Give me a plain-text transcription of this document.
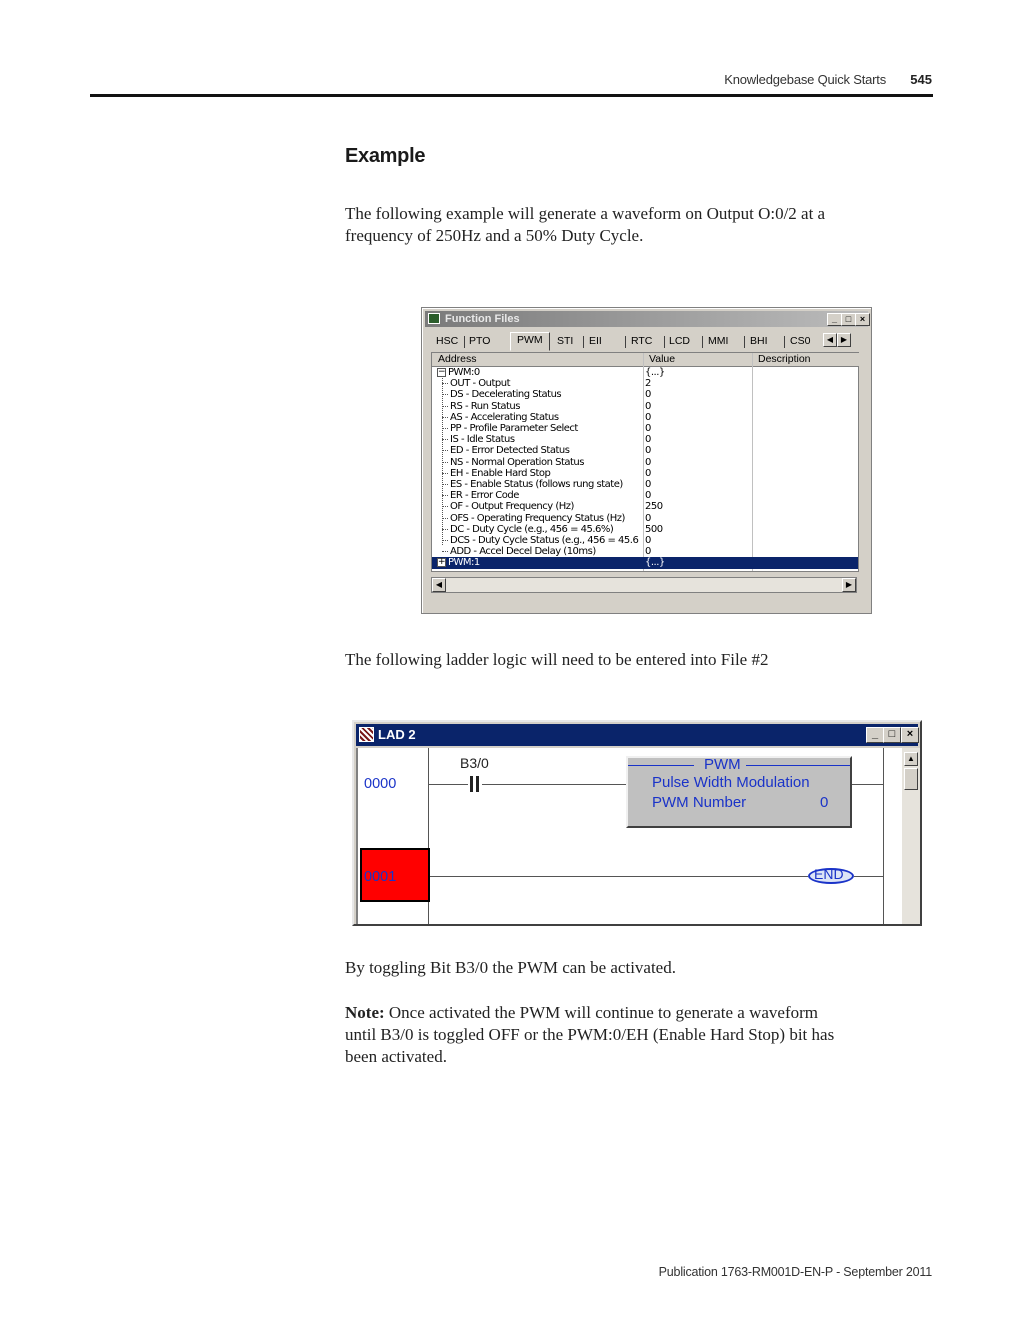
Knowledgebase Quick Starts 545
Example
The following example will generate a waveform on Output O:0/2 at a
frequency of 250Hz and a 50% Duty Cycle.
Function Files	_ □ ×
HSC PTO	PWM	STI EII	RTC LCD MMI BHI CS0	◀ ▶
Address	Value	Description
− PWM:0	{...}
OUT - Output	2
DS - Decelerating Status	0
RS - Run Status	0
AS - Accelerating Status	0
PP - Profile Parameter Select	0
IS - Idle Status	0
ED - Error Detected Status	0
NS - Normal Operation Status	0
EH - Enable Hard Stop	0
ES - Enable Status (follows rung state)	0
ER - Error Code	0
OF - Output Frequency (Hz)	250
OFS - Operating Frequency Status (Hz)	0
DC - Duty Cycle (e.g., 456 = 45.6%)	500
DCS - Duty Cycle Status (e.g., 456 = 45.6 0
ADD - Accel Decel Delay (10ms)	0
+ PWM:1	{...}
◀	▶
The following ladder logic will need to be entered into File #2
LAD 2	_ □	×
0000
B3/0	PWM
Pulse Width Modulation
PWM Number	0
0001	END
▲
By toggling Bit B3/0 the PWM can be activated.
Note: Once activated the PWM will continue to generate a waveform
until B3/0 is toggled OFF or the PWM:0/EH (Enable Hard Stop) bit has
been activated.
Publication 1763-RM001D-EN-P - September 2011
